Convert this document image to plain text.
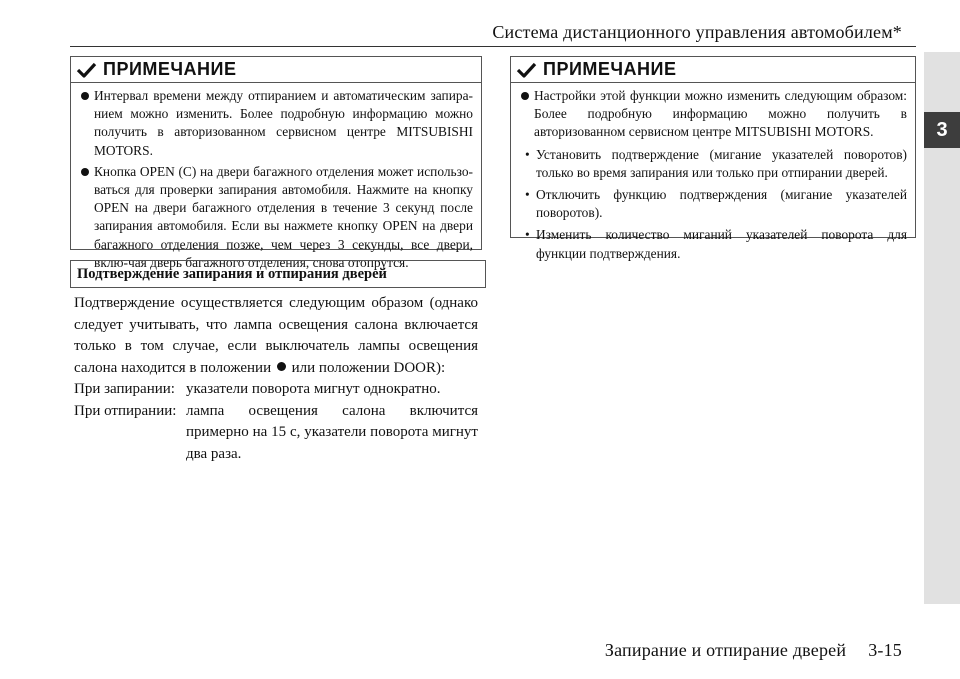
Система дистанционного управления автомобилем*
3
ПРИМЕЧАНИЕ

Интервал времени между отпиранием и автоматическим запира-нием можно изменить. Более подробную информацию можно получить в авторизованном сервисном центре MITSUBISHI MOTORS.

Кнопка OPEN (C) на двери багажного отделения может использо-ваться для проверки запирания автомобиля. Нажмите на кнопку OPEN на двери багажного отделения в течение 3 секунд после запирания автомобиля. Если вы нажмете кнопку OPEN на двери багажного отделения позже, чем через 3 секунды, все двери, вклю-чая дверь багажного отделения, снова отопрутся.

Подтверждение запирания и отпирания дверей
Подтверждение осуществляется следующим образом (однако следует учитывать, что лампа освещения салона включается только в том случае, если выключатель лампы освещения салона находится в положении или положении DOOR):
При запирании: указатели поворота мигнут однократно.
При отпирании: лампа освещения салона включится примерно на 15 с, указатели поворота мигнут два раза.
ПРИМЕЧАНИЕ

Настройки этой функции можно изменить следующим образом: Более подробную информацию можно получить в авторизованном сервисном центре MITSUBISHI MOTORS.

• Установить подтверждение (мигание указателей поворотов) только во время запирания или только при отпирании дверей.

• Отключить функцию подтверждения (мигание указателей поворотов).

• Изменить количество миганий указателей поворота для функции подтверждения.

Запирание и отпирание дверей 3-15
